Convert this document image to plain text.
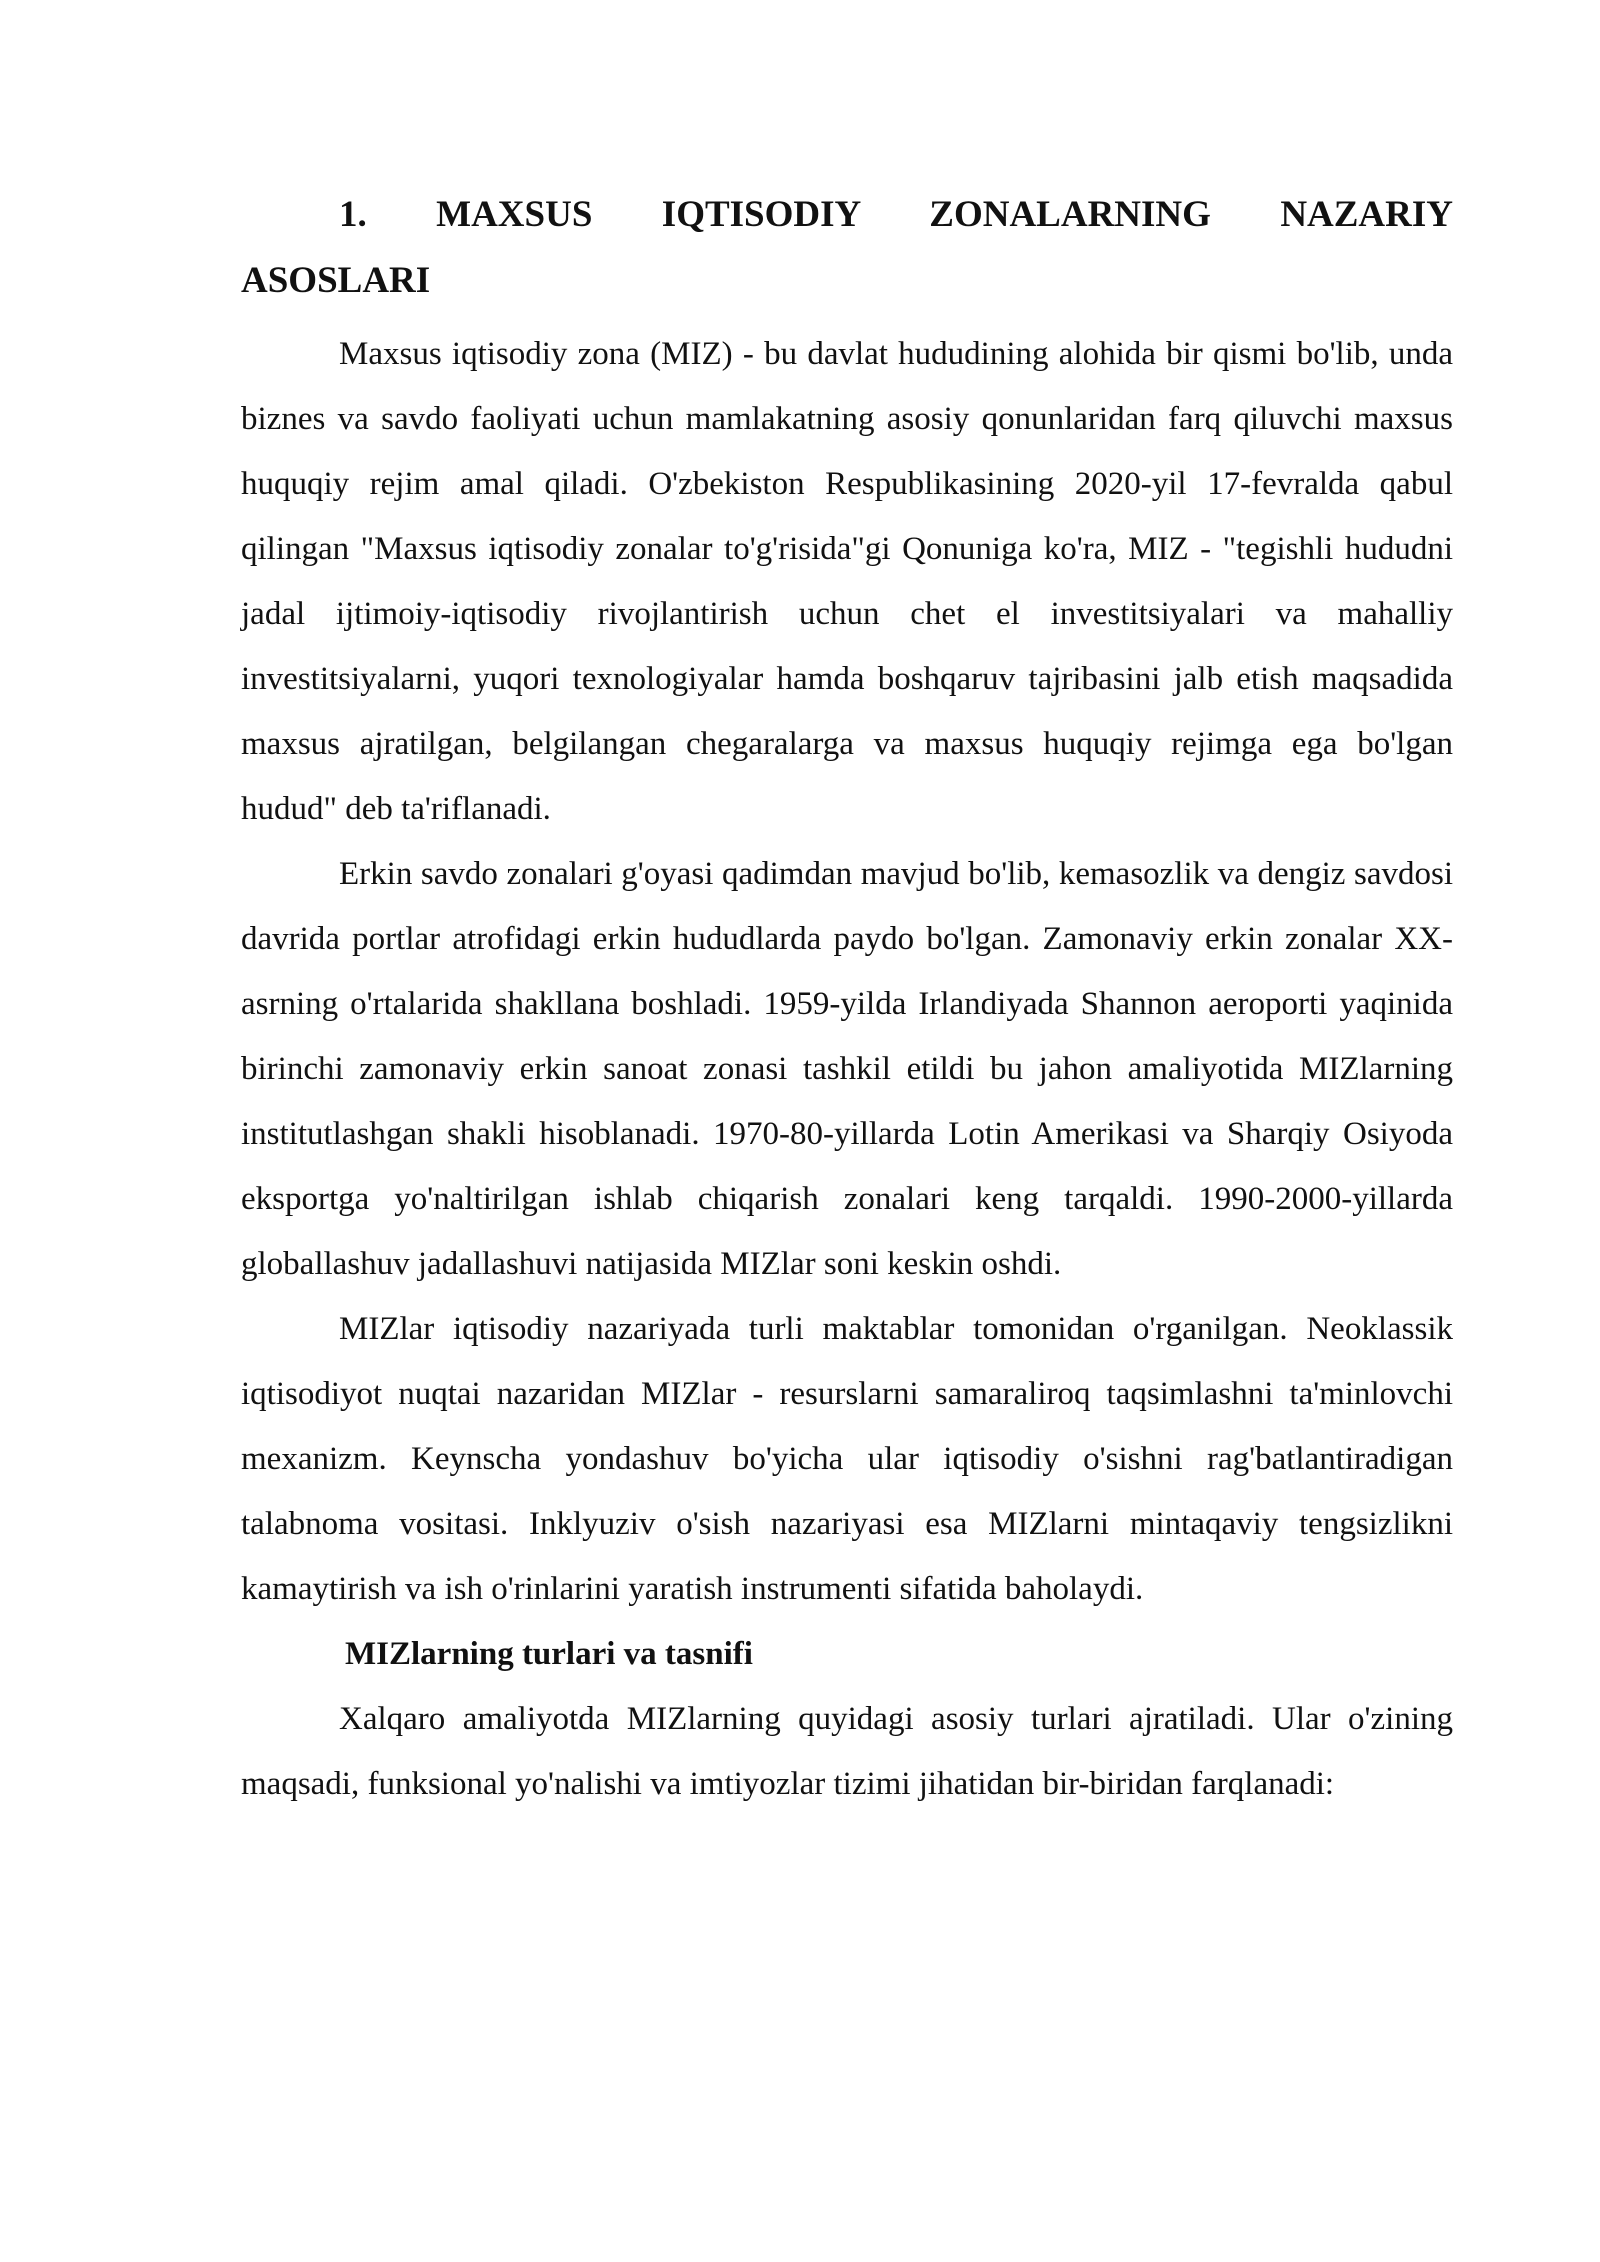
1. MAXSUS IQTISODIY ZONALARNING NAZARIY ASOSLARI

Maxsus iqtisodiy zona (MIZ) - bu davlat hududining alohida bir qismi bo'lib, unda biznes va savdo faoliyati uchun mamlakatning asosiy qonunlaridan farq qiluvchi maxsus huquqiy rejim amal qiladi. O'zbekiston Respublikasining 2020-yil 17-fevralda qabul qilingan "Maxsus iqtisodiy zonalar to'g'risida"gi Qonuniga ko'ra, MIZ - "tegishli hududni jadal ijtimoiy-iqtisodiy rivojlantirish uchun chet el investitsiyalari va mahalliy investitsiyalarni, yuqori texnologiyalar hamda boshqaruv tajribasini jalb etish maqsadida maxsus ajratilgan, belgilangan chegaralarga va maxsus huquqiy rejimga ega bo'lgan hudud" deb ta'riflanadi.

Erkin savdo zonalari g'oyasi qadimdan mavjud bo'lib, kemasozlik va dengiz savdosi davrida portlar atrofidagi erkin hududlarda paydo bo'lgan. Zamonaviy erkin zonalar XX-asrning o'rtalarida shakllana boshladi. 1959-yilda Irlandiyada Shannon aeroporti yaqinida birinchi zamonaviy erkin sanoat zonasi tashkil etildi bu jahon amaliyotida MIZlarning institutlashgan shakli hisoblanadi. 1970-80-yillarda Lotin Amerikasi va Sharqiy Osiyoda eksportga yo'naltirilgan ishlab chiqarish zonalari keng tarqaldi. 1990-2000-yillarda globallashuv jadallashuvi natijasida MIZlar soni keskin oshdi.

MIZlar iqtisodiy nazariyada turli maktablar tomonidan o'rganilgan. Neoklassik iqtisodiyot nuqtai nazaridan MIZlar - resurslarni samaraliroq taqsimlashni ta'minlovchi mexanizm. Keynscha yondashuv bo'yicha ular iqtisodiy o'sishni rag'batlantiradigan talabnoma vositasi. Inklyuziv o'sish nazariyasi esa MIZlarni mintaqaviy tengsizlikni kamaytirish va ish o'rinlarini yaratish instrumenti sifatida baholaydi.

MIZlarning turlari va tasnifi

Xalqaro amaliyotda MIZlarning quyidagi asosiy turlari ajratiladi. Ular o'zining maqsadi, funksional yo'nalishi va imtiyozlar tizimi jihatidan bir-biridan farqlanadi:
